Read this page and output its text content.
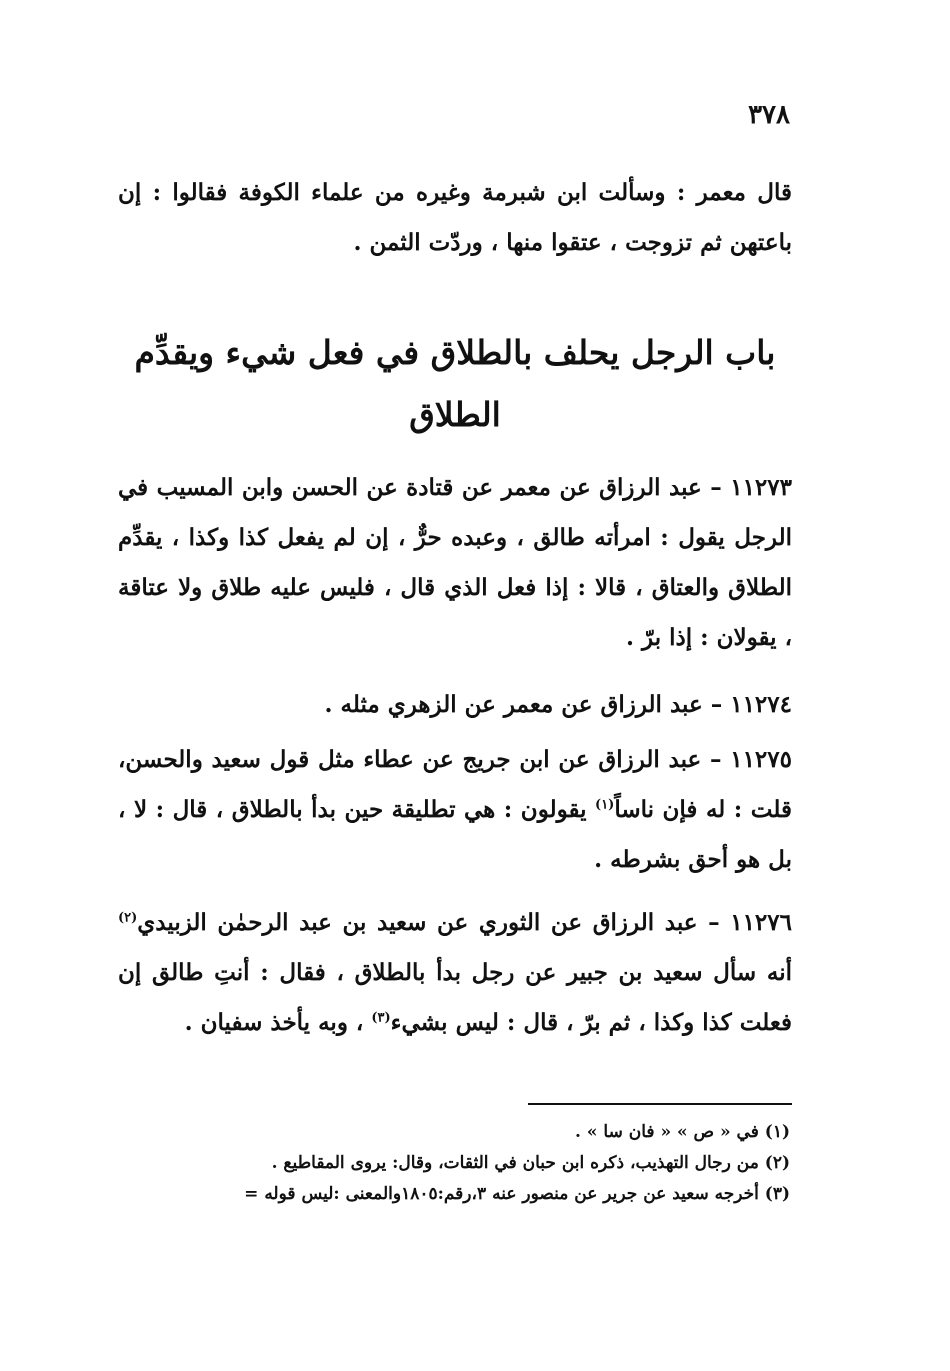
٣٧٨

قال معمر : وسألت ابن شبرمة وغيره من علماء الكوفة فقالوا : إن باعتهن ثم تزوجت ، عتقوا منها ، وردّت الثمن .

باب الرجل يحلف بالطلاق في فعل شيء ويقدِّم الطلاق

١١٢٧٣ – عبد الرزاق عن معمر عن قتادة عن الحسن وابن المسيب في الرجل يقول : امرأته طالق ، وعبده حرٌّ ، إن لم يفعل كذا وكذا ، يقدِّم الطلاق والعتاق ، قالا : إذا فعل الذي قال ، فليس عليه طلاق ولا عتاقة ، يقولان : إذا برّ .

١١٢٧٤ – عبد الرزاق عن معمر عن الزهري مثله .

١١٢٧٥ – عبد الرزاق عن ابن جريج عن عطاء مثل قول سعيد والحسن، قلت : له فإن ناساً$^{(١)}$ يقولون : هي تطليقة حين بدأ بالطلاق ، قال : لا ، بل هو أحق بشرطه .

١١٢٧٦ – عبد الرزاق عن الثوري عن سعيد بن عبد الرحمٰن الزبيدي$^{(٢)}$ أنه سأل سعيد بن جبير عن رجل بدأ بالطلاق ، فقال : أنتِ طالق إن فعلت كذا وكذا ، ثم برّ ، قال : ليس بشيء$^{(٣)}$ ، وبه يأخذ سفيان .

(١) في « ص » « فان سا » .
(٢) من رجال التهذيب، ذكره ابن حبان في الثقات، وقال: يروى المقاطيع .
(٣) أخرجه سعيد عن جرير عن منصور عنه ٣،رقم:١٨٠٥والمعنى :ليس قوله =
